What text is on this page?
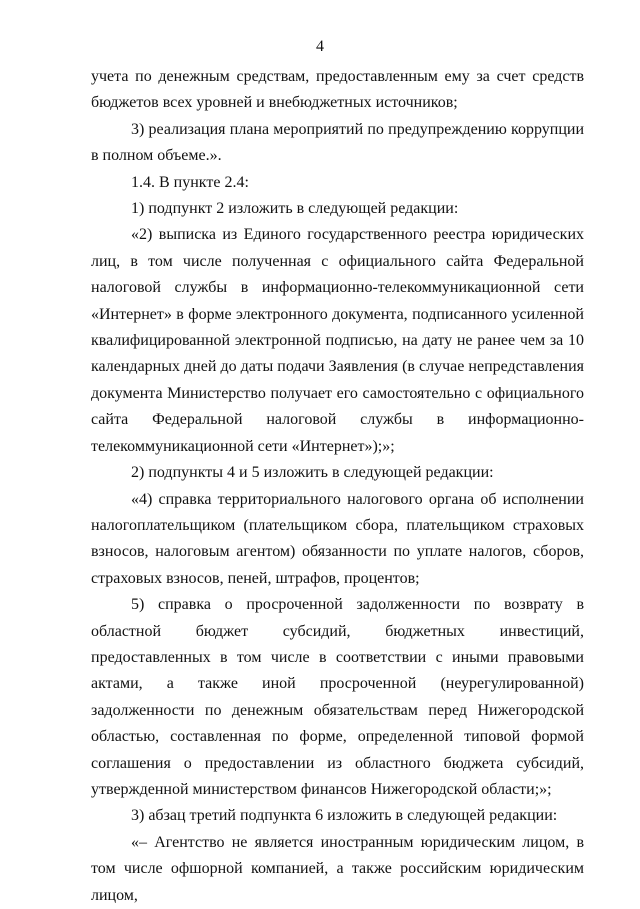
4

учета по денежным средствам, предоставленным ему за счет средств бюджетов всех уровней и внебюджетных источников;

3) реализация плана мероприятий по предупреждению коррупции в полном объеме.».

1.4. В пункте 2.4:

1) подпункт 2 изложить в следующей редакции:

«2) выписка из Единого государственного реестра юридических лиц, в том числе полученная с официального сайта Федеральной налоговой службы в информационно-телекоммуникационной сети «Интернет» в форме электронного документа, подписанного усиленной квалифицированной электронной подписью, на дату не ранее чем за 10 календарных дней до даты подачи Заявления (в случае непредставления документа Министерство получает его самостоятельно с официального сайта Федеральной налоговой службы в информационно-телекоммуникационной сети «Интернет»);»;

2) подпункты 4 и 5 изложить в следующей редакции:

«4) справка территориального налогового органа об исполнении налогоплательщиком (плательщиком сбора, плательщиком страховых взносов, налоговым агентом) обязанности по уплате налогов, сборов, страховых взносов, пеней, штрафов, процентов;

5) справка о просроченной задолженности по возврату в областной бюджет субсидий, бюджетных инвестиций, предоставленных в том числе в соответствии с иными правовыми актами, а также иной просроченной (неурегулированной) задолженности по денежным обязательствам перед Нижегородской областью, составленная по форме, определенной типовой формой соглашения о предоставлении из областного бюджета субсидий, утвержденной министерством финансов Нижегородской области;»;

3) абзац третий подпункта 6 изложить в следующей редакции:

«– Агентство не является иностранным юридическим лицом, в том числе офшорной компанией, а также российским юридическим лицом,
